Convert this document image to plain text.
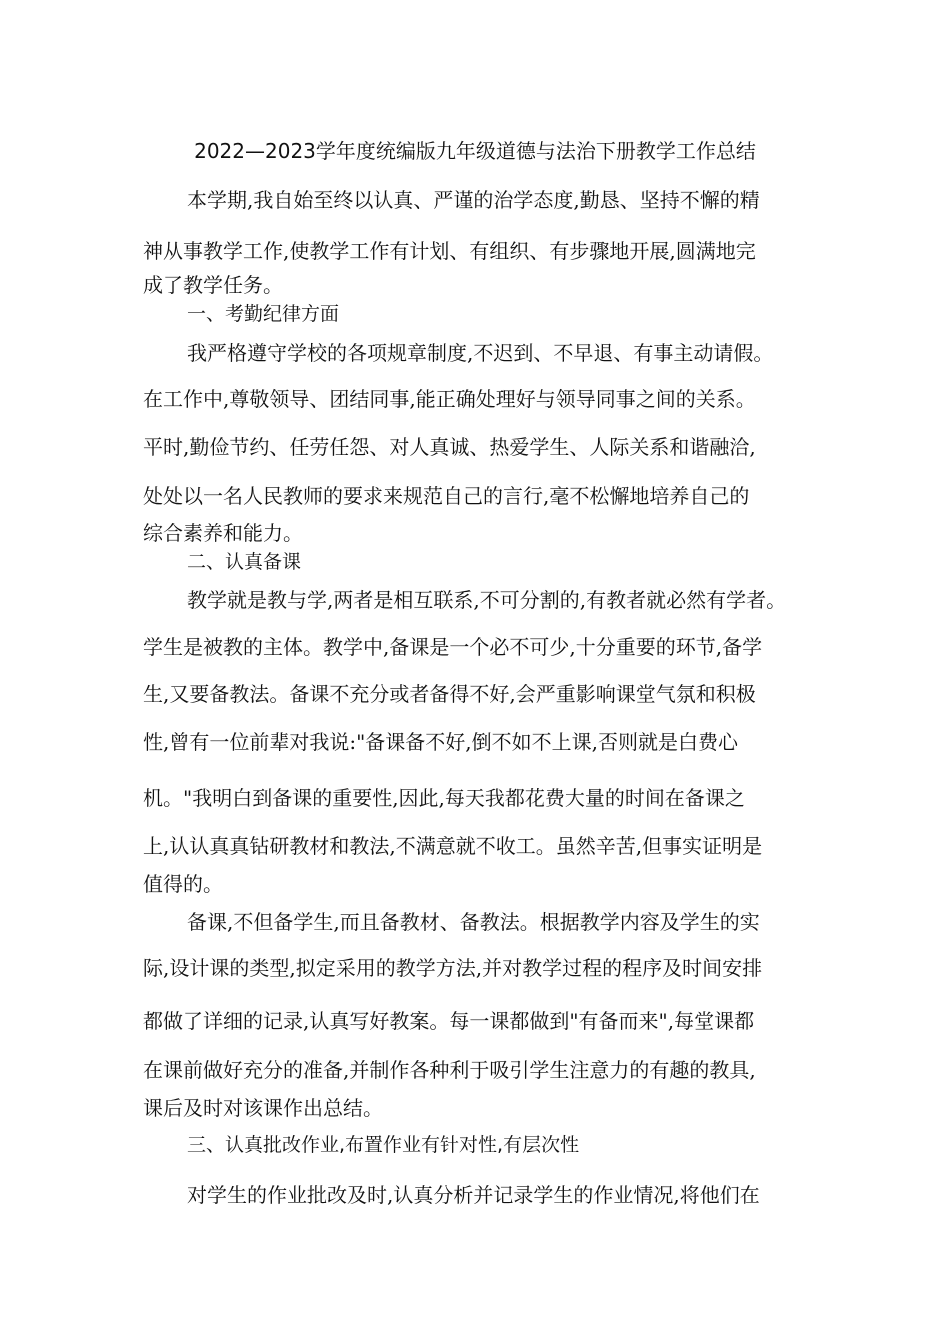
2022—2023学年度统编版九年级道德与法治下册教学工作总结
本学期,我自始至终以认真、严谨的治学态度,勤恳、坚持不懈的精
神从事教学工作,使教学工作有计划、有组织、有步骤地开展,圆满地完
成了教学任务。
一、考勤纪律方面
我严格遵守学校的各项规章制度,不迟到、不早退、有事主动请假。
在工作中,尊敬领导、团结同事,能正确处理好与领导同事之间的关系。
平时,勤俭节约、任劳任怨、对人真诚、热爱学生、人际关系和谐融洽,
处处以一名人民教师的要求来规范自己的言行,毫不松懈地培养自己的
综合素养和能力。
二、认真备课
教学就是教与学,两者是相互联系,不可分割的,有教者就必然有学者。
学生是被教的主体。教学中,备课是一个必不可少,十分重要的环节,备学
生,又要备教法。备课不充分或者备得不好,会严重影响课堂气氛和积极
性,曾有一位前辈对我说:"备课备不好,倒不如不上课,否则就是白费心
机。"我明白到备课的重要性,因此,每天我都花费大量的时间在备课之
上,认认真真钻研教材和教法,不满意就不收工。虽然辛苦,但事实证明是
值得的。
备课,不但备学生,而且备教材、备教法。根据教学内容及学生的实
际,设计课的类型,拟定采用的教学方法,并对教学过程的程序及时间安排
都做了详细的记录,认真写好教案。每一课都做到"有备而来",每堂课都
在课前做好充分的准备,并制作各种利于吸引学生注意力的有趣的教具,
课后及时对该课作出总结。
三、认真批改作业,布置作业有针对性,有层次性
对学生的作业批改及时,认真分析并记录学生的作业情况,将他们在
